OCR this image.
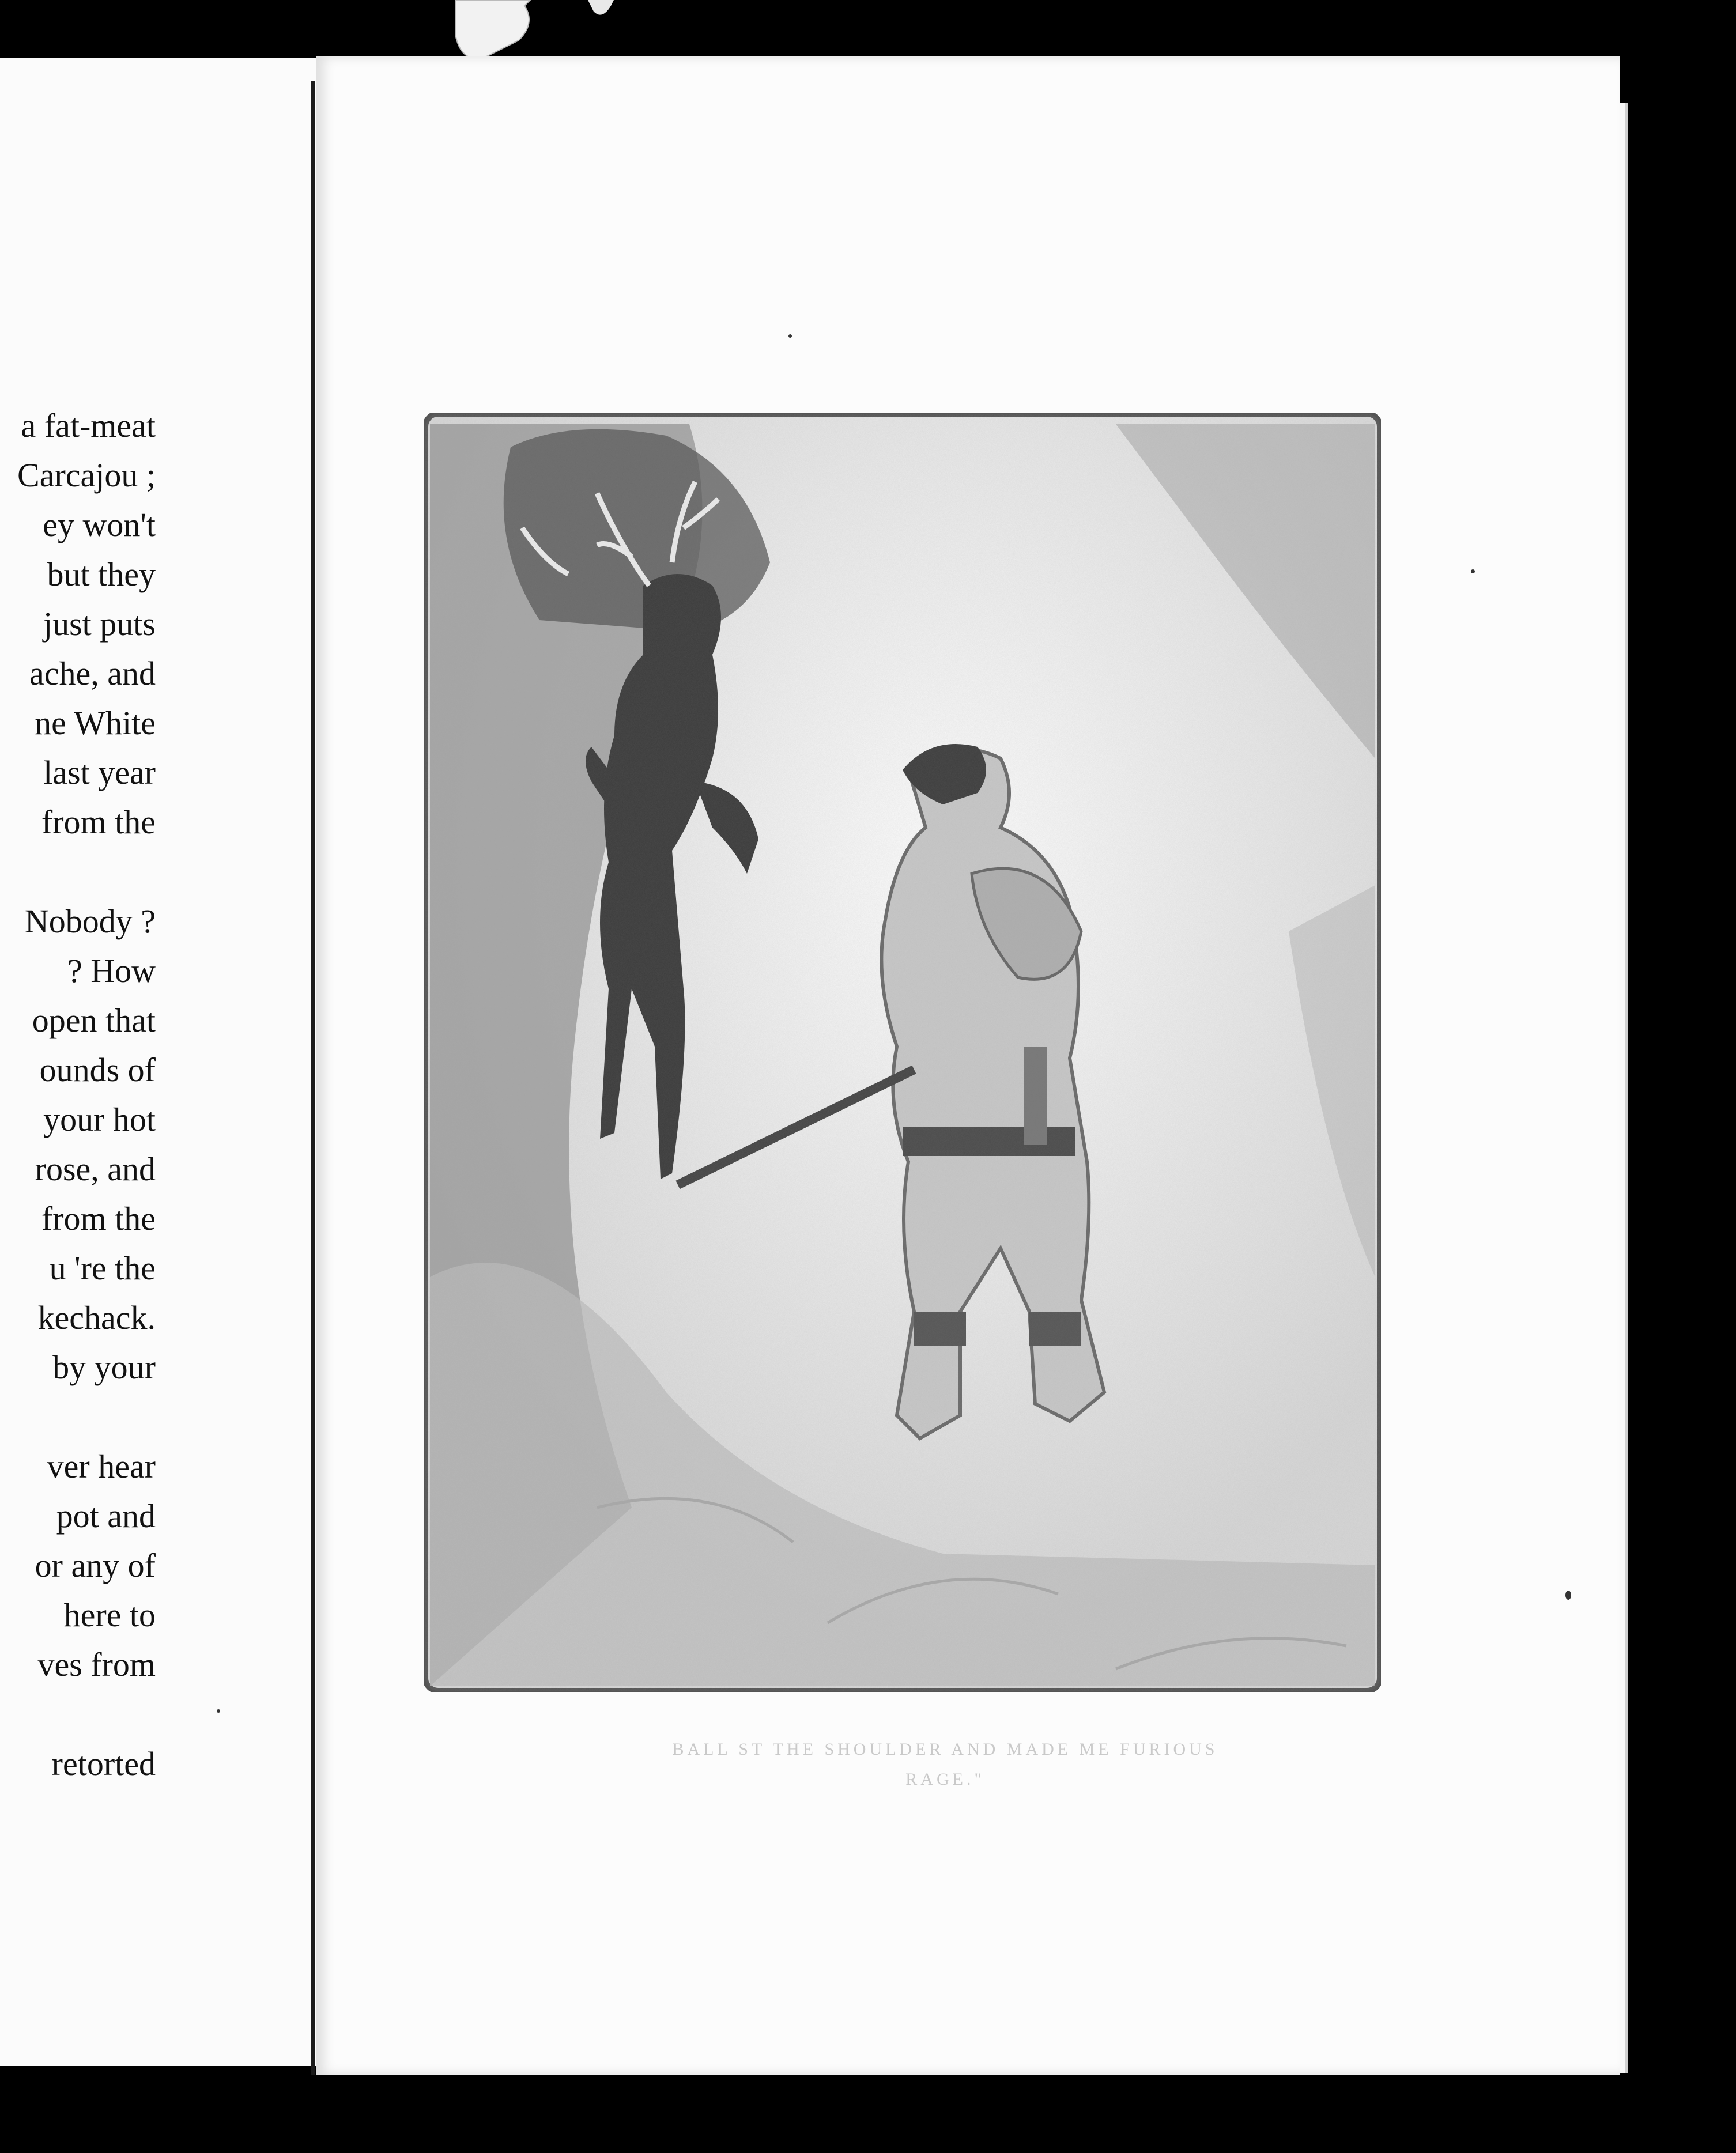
a fat-meat
Carcajou ;
ey won't
but they
just puts
ache, and
ne White
last year
from the
Nobody ?
? How
open that
ounds of
your hot
rose, and
from the
u 're the
kechack.
by your
ver hear
pot and
or any of
here to
ves from
retorted	BALL ST THE SHOULDER AND MADE ME FURIOUS
RAGE."
